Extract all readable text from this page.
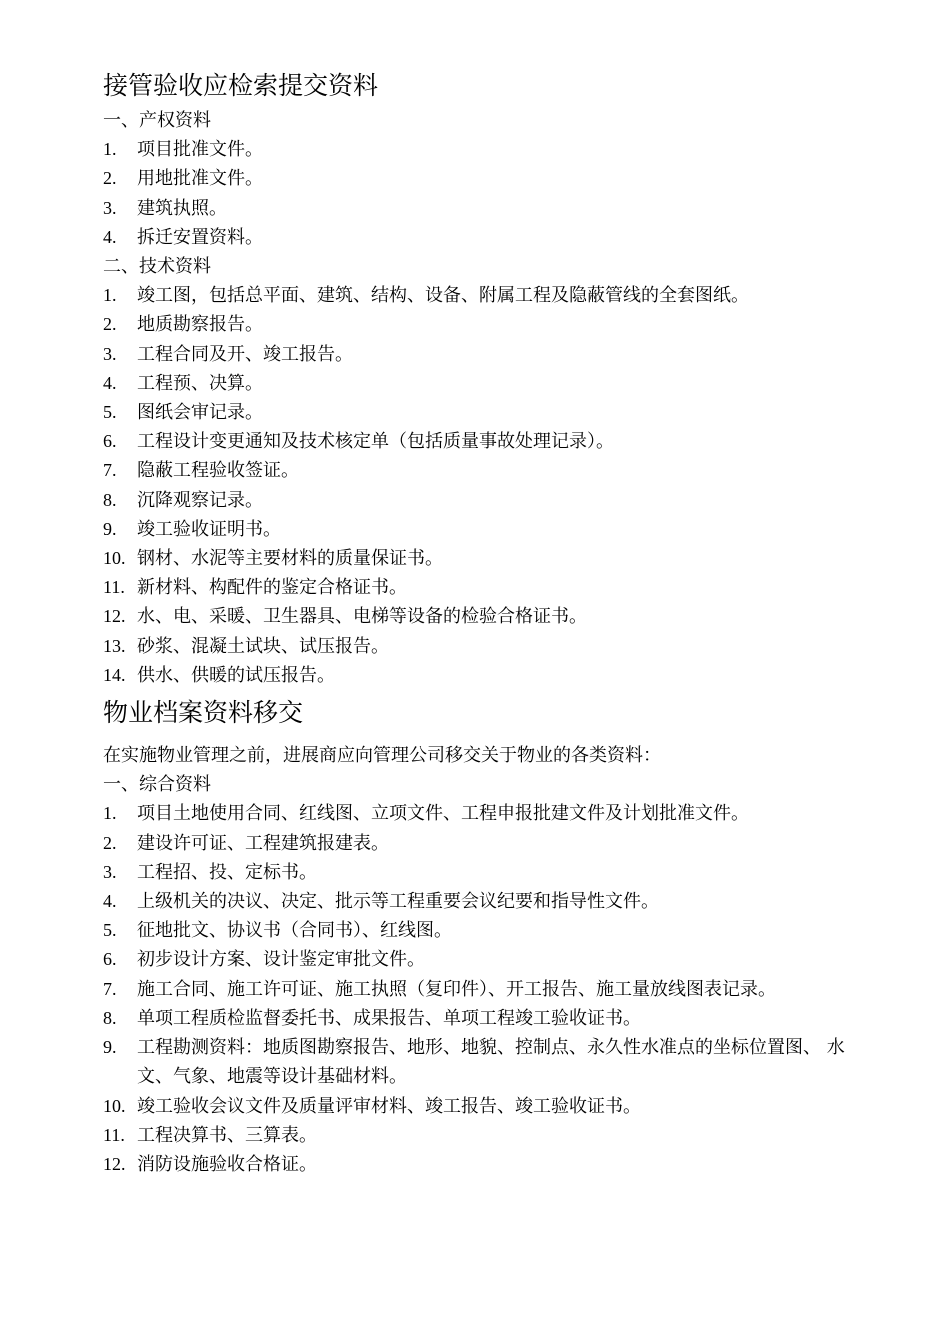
接管验收应检索提交资料

一、产权资料

1. 项目批准文件。
2. 用地批准文件。
3. 建筑执照。
4. 拆迁安置资料。

二、技术资料

1. 竣工图，包括总平面、建筑、结构、设备、附属工程及隐蔽管线的全套图纸。
2. 地质勘察报告。
3. 工程合同及开、竣工报告。
4. 工程预、决算。
5. 图纸会审记录。
6. 工程设计变更通知及技术核定单（包括质量事故处理记录）。
7. 隐蔽工程验收签证。
8. 沉降观察记录。
9. 竣工验收证明书。
10. 钢材、水泥等主要材料的质量保证书。
11. 新材料、构配件的鉴定合格证书。
12. 水、电、采暖、卫生器具、电梯等设备的检验合格证书。
13. 砂浆、混凝土试块、试压报告。
14. 供水、供暖的试压报告。
物业档案资料移交

在实施物业管理之前，进展商应向管理公司移交关于物业的各类资料：

一、综合资料

1. 项目土地使用合同、红线图、立项文件、工程申报批建文件及计划批准文件。
2. 建设许可证、工程建筑报建表。
3. 工程招、投、定标书。
4. 上级机关的决议、决定、批示等工程重要会议纪要和指导性文件。
5. 征地批文、协议书（合同书）、红线图。
6. 初步设计方案、设计鉴定审批文件。
7. 施工合同、施工许可证、施工执照（复印件）、开工报告、施工量放线图表记录。
8. 单项工程质检监督委托书、成果报告、单项工程竣工验收证书。
9. 工程勘测资料：地质图勘察报告、地形、地貌、控制点、永久性水准点的坐标位置图、 水文、气象、地震等设计基础材料。
10. 竣工验收会议文件及质量评审材料、竣工报告、竣工验收证书。
11. 工程决算书、三算表。
12. 消防设施验收合格证。
